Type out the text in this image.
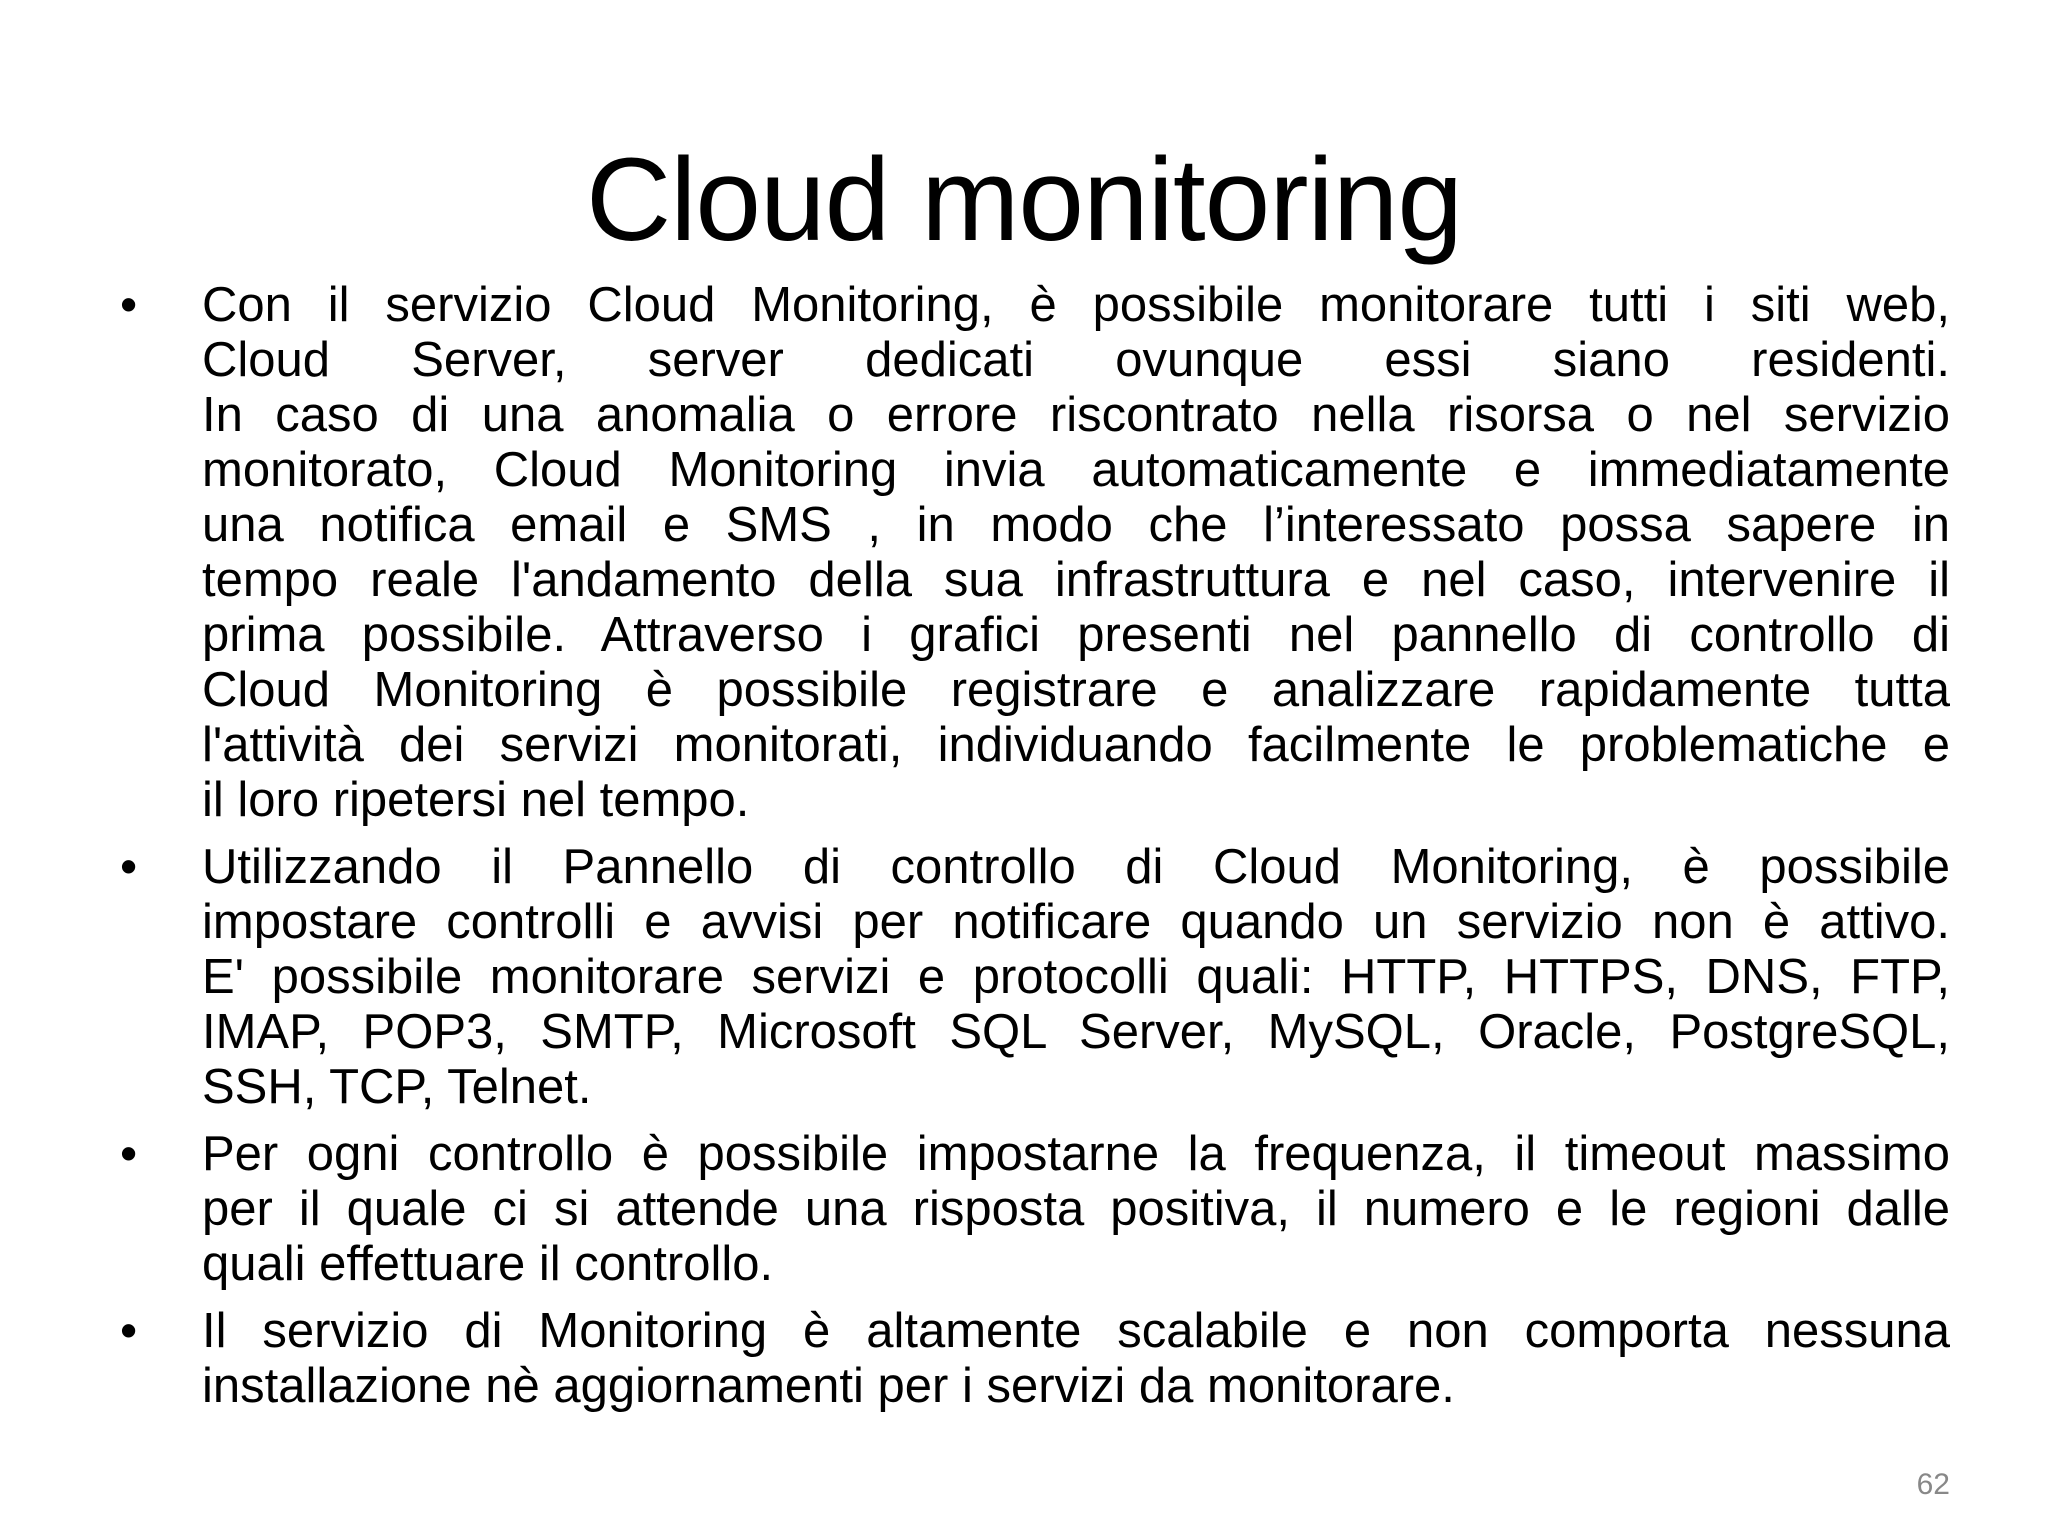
Cloud monitoring
•	Con il servizio Cloud Monitoring, è possibile monitorare tutti i siti web,
Cloud Server, server dedicati ovunque essi siano residenti.
In caso di una anomalia o errore riscontrato nella risorsa o nel servizio
monitorato, Cloud Monitoring invia automaticamente e immediatamente
una notifica email e SMS , in modo che l’interessato possa sapere in
tempo reale l'andamento della sua infrastruttura e nel caso, intervenire il
prima possibile. Attraverso i grafici presenti nel pannello di controllo di
Cloud Monitoring è possibile registrare e analizzare rapidamente tutta
l'attività dei servizi monitorati, individuando facilmente le problematiche e
il loro ripetersi nel tempo.
•	Utilizzando il Pannello di controllo di Cloud Monitoring, è possibile
impostare controlli e avvisi per notificare quando un servizio non è attivo.
E' possibile monitorare servizi e protocolli quali: HTTP, HTTPS, DNS, FTP,
IMAP, POP3, SMTP, Microsoft SQL Server, MySQL, Oracle, PostgreSQL,
SSH, TCP, Telnet.
•	Per ogni controllo è possibile impostarne la frequenza, il timeout massimo
per il quale ci si attende una risposta positiva, il numero e le regioni dalle
quali effettuare il controllo.
•	Il servizio di Monitoring è altamente scalabile e non comporta nessuna
installazione nè aggiornamenti per i servizi da monitorare.
62
